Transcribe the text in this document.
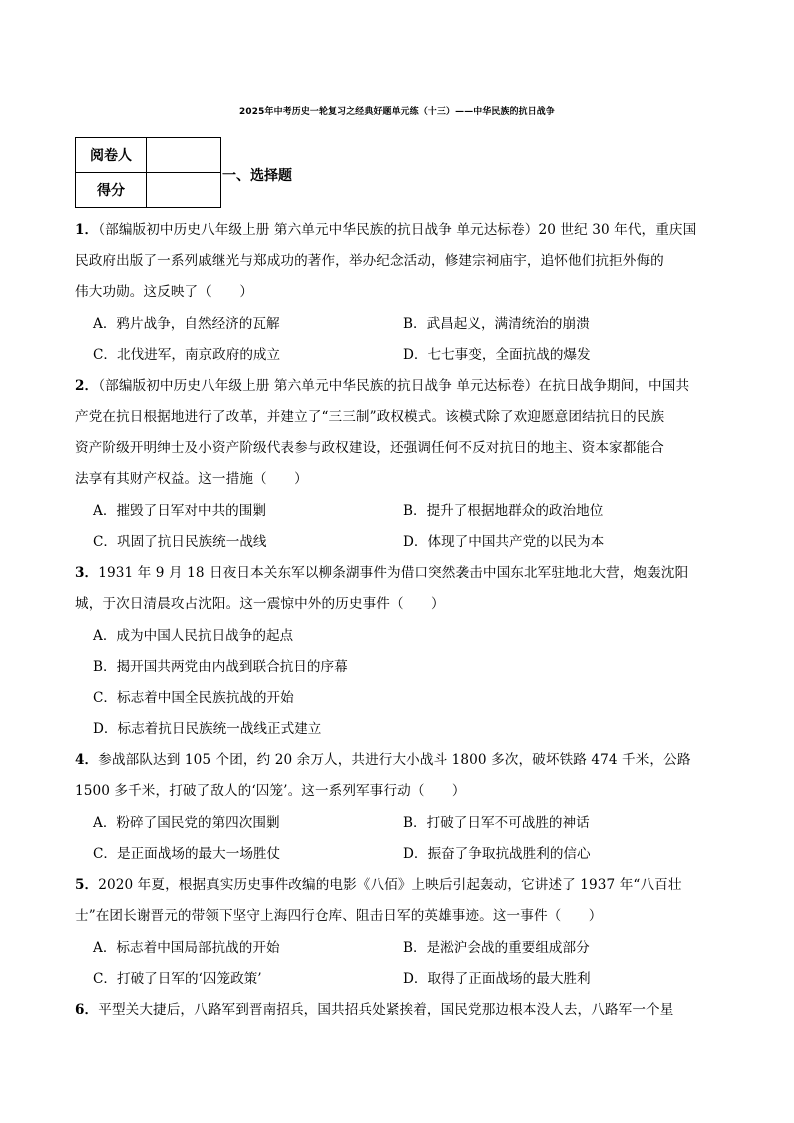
2025年中考历史一轮复习之经典好题单元练（十三）——中华民族的抗日战争
阅卷人	
得分	
一、选择题
1．（部编版初中历史八年级上册 第六单元中华民族的抗日战争 单元达标卷）20 世纪 30 年代，重庆国
民政府出版了一系列戚继光与郑成功的著作，举办纪念活动，修建宗祠庙宇，追怀他们抗拒外侮的
伟大功勋。这反映了（　　）
A．鸦片战争，自然经济的瓦解	B．武昌起义，满清统治的崩溃
C．北伐进军，南京政府的成立	D．七七事变，全面抗战的爆发
2．（部编版初中历史八年级上册 第六单元中华民族的抗日战争 单元达标卷）在抗日战争期间，中国共
产党在抗日根据地进行了改革，并建立了“三三制”政权模式。该模式除了欢迎愿意团结抗日的民族
资产阶级开明绅士及小资产阶级代表参与政权建设，还强调任何不反对抗日的地主、资本家都能合
法享有其财产权益。这一措施（　　）
A．摧毁了日军对中共的围剿	B．提升了根据地群众的政治地位
C．巩固了抗日民族统一战线	D．体现了中国共产党的以民为本
3．1931 年 9 月 18 日夜日本关东军以柳条湖事件为借口突然袭击中国东北军驻地北大营，炮轰沈阳
城，于次日清晨攻占沈阳。这一震惊中外的历史事件（　　）
A．成为中国人民抗日战争的起点
B．揭开国共两党由内战到联合抗日的序幕
C．标志着中国全民族抗战的开始
D．标志着抗日民族统一战线正式建立
4．参战部队达到 105 个团，约 20 余万人，共进行大小战斗 1800 多次，破坏铁路 474 千米，公路
1500 多千米，打破了敌人的‘囚笼’。这一系列军事行动（　　）
A．粉碎了国民党的第四次围剿	B．打破了日军不可战胜的神话
C．是正面战场的最大一场胜仗	D．振奋了争取抗战胜利的信心
5．2020 年夏，根据真实历史事件改编的电影《八佰》上映后引起轰动，它讲述了 1937 年“八百壮
士”在团长谢晋元的带领下坚守上海四行仓库、阻击日军的英雄事迹。这一事件（　　）
A．标志着中国局部抗战的开始	B．是淞沪会战的重要组成部分
C．打破了日军的‘囚笼政策’	D．取得了正面战场的最大胜利
6．平型关大捷后，八路军到晋南招兵，国共招兵处紧挨着，国民党那边根本没人去，八路军一个星
